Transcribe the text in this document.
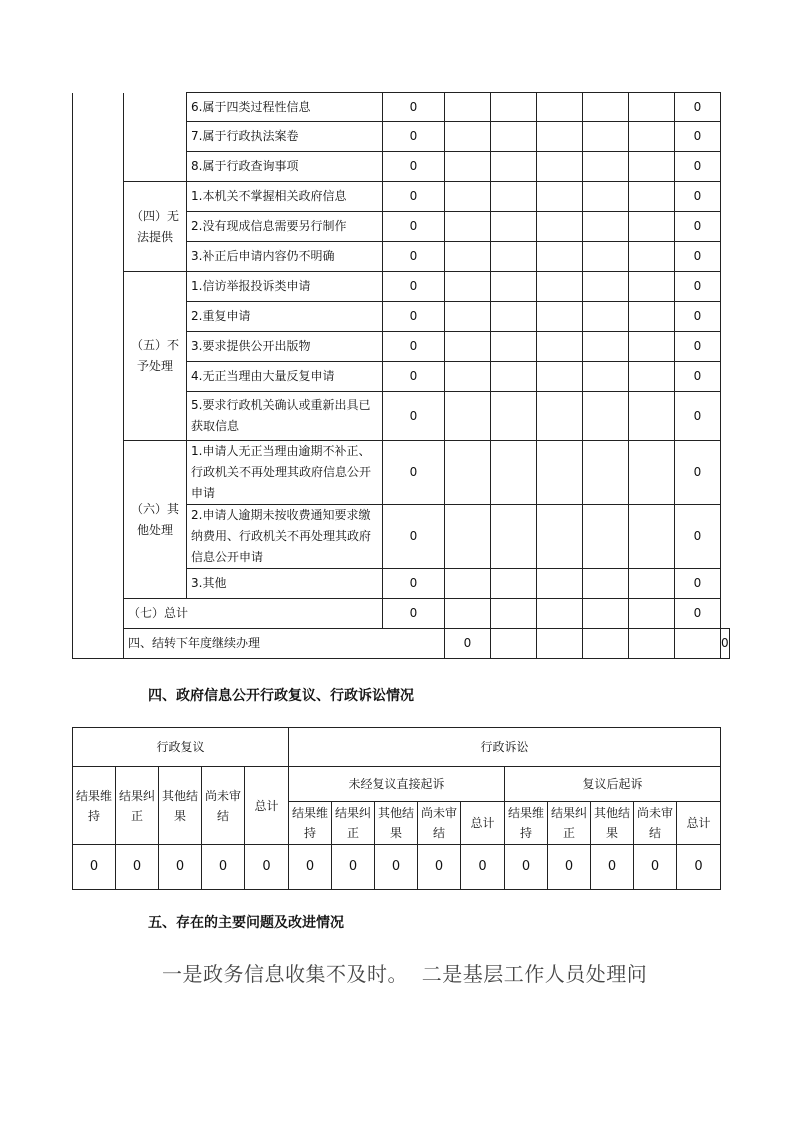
		6.属于四类过程性信息	0						0	
		7.属于行政执法案卷	0						0	
		8.属于行政查询事项	0						0	
	（四）无法提供	1.本机关不掌握相关政府信息	0						0	
		2.没有现成信息需要另行制作	0						0	
		3.补正后申请内容仍不明确	0						0	
	（五）不予处理	1.信访举报投诉类申请	0						0	
		2.重复申请	0						0	
		3.要求提供公开出版物	0						0	
		4.无正当理由大量反复申请	0						0	
		5.要求行政机关确认或重新出具已获取信息	0						0	
	（六）其他处理	1.申请人无正当理由逾期不补正、行政机关不再处理其政府信息公开申请	0						0	
		2.申请人逾期未按收费通知要求缴纳费用、行政机关不再处理其政府信息公开申请	0						0	
		3.其他	0						0	
	（七）总计		0						0	
	四、结转下年度继续办理			0						0
四、政府信息公开行政复议、行政诉讼情况
行政复议					行政诉讼									
结果维持	结果纠正	其他结果	尚未审结	总计	未经复议直接起诉					复议后起诉				
					结果维持	结果纠正	其他结果	尚未审结	总计	结果维持	结果纠正	其他结果	尚未审结	总计
0	0	0	0	0	0	0	0	0	0	0	0	0	0	0
五、存在的主要问题及改进情况
一是政务信息收集不及时。  二是基层工作人员处理问
